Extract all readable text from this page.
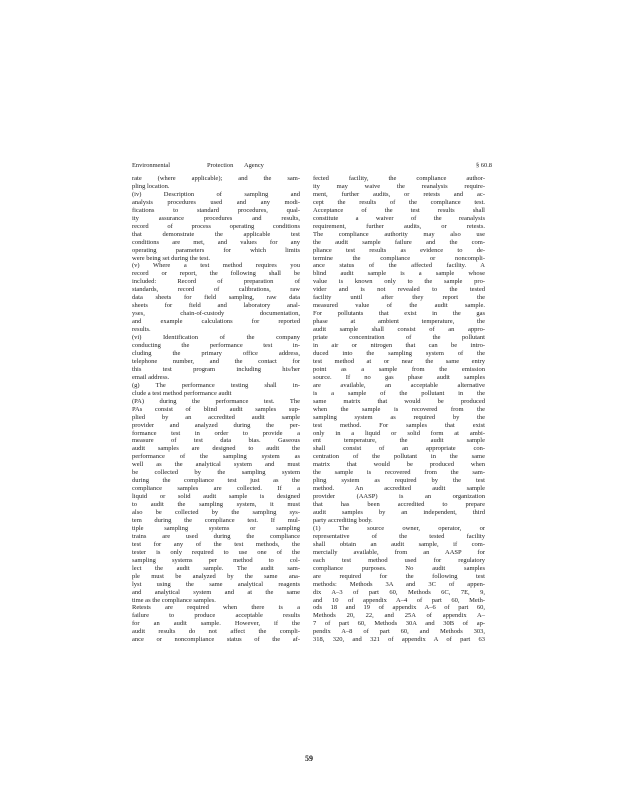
Environmental	Protection Agency	§ 60.8

rate (where applicable); and the sam-

pling location.

(iv) Description of sampling and

analysis procedures used and any modi-

fications to standard procedures, qual-

ity assurance procedures and results,

record of process operating conditions

that demonstrate the applicable test

conditions are met, and values for any

operating parameters for which limits

were being set during the test.

(v) Where a test method requires you

record or report, the following shall be

included: Record of preparation of

standards, record of calibrations, raw

data sheets for field sampling, raw data

sheets for field and laboratory anal-

yses, chain-of-custody documentation,

and example calculations for reported

results.

(vi) Identification of the company

conducting the performance test in-

cluding the primary office address,

telephone number, and the contact for

this test program including his/her

email address.

(g) The performance testing shall in-

clude a test method performance audit

(PA) during the performance test. The

PAs consist of blind audit samples sup-

plied by an accredited audit sample

provider and analyzed during the per-

formance test in order to provide a

measure of test data bias. Gaseous

audit samples are designed to audit the

performance of the sampling system as

well as the analytical system and must

be collected by the sampling system

during the compliance test just as the

compliance samples are collected. If a

liquid or solid audit sample is designed

to audit the sampling system, it must

also be collected by the sampling sys-

tem during the compliance test. If mul-

tiple sampling systems or sampling

trains are used during the compliance

test for any of the test methods, the

tester is only required to use one of the

sampling systems per method to col-

lect the audit sample. The audit sam-

ple must be analyzed by the same ana-

lyst using the same analytical reagents

and analytical system and at the same

time as the compliance samples.

Retests are required when there is a

failure to produce acceptable results

for an audit sample. However, if the

audit results do not affect the compli-

ance or noncompliance status of the af-

fected facility, the compliance author-

ity may waive the reanalysis require-

ment, further audits, or retests and ac-

cept the results of the compliance test.

Acceptance of the test results shall

constitute a waiver of the reanalysis

requirement, further audits, or retests.

The compliance authority may also use

the audit sample failure and the com-

pliance test results as evidence to de-

termine the compliance or noncompli-

ance status of the affected facility. A

blind audit sample is a sample whose

value is known only to the sample pro-

vider and is not revealed to the tested

facility until after they report the

measured value of the audit sample.

For pollutants that exist in the gas

phase at ambient temperature, the

audit sample shall consist of an appro-

priate concentration of the pollutant

in air or nitrogen that can be intro-

duced into the sampling system of the

test method at or near the same entry

point as a sample from the emission

source. If no gas phase audit samples

are available, an acceptable alternative

is a sample of the pollutant in the

same matrix that would be produced

when the sample is recovered from the

sampling system as required by the

test method. For samples that exist

only in a liquid or solid form at ambi-

ent temperature, the audit sample

shall consist of an appropriate con-

centration of the pollutant in the same

matrix that would be produced when

the sample is recovered from the sam-

pling system as required by the test

method. An accredited audit sample

provider (AASP) is an organization

that has been accredited to prepare

audit samples by an independent, third

party accrediting body.

(1) The source owner, operator, or

representative of the tested facility

shall obtain an audit sample, if com-

mercially available, from an AASP for

each test method used for regulatory

compliance purposes. No audit samples

are required for the following test

methods: Methods 3A and 3C of appen-

dix A–3 of part 60, Methods 6C, 7E, 9,

and 10 of appendix A–4 of part 60, Meth-

ods 18 and 19 of appendix A–6 of part 60,

Methods 20, 22, and 25A of appendix A–

7 of part 60, Methods 30A and 30B of ap-

pendix A–8 of part 60, and Methods 303,

318, 320, and 321 of appendix A of part 63

59
